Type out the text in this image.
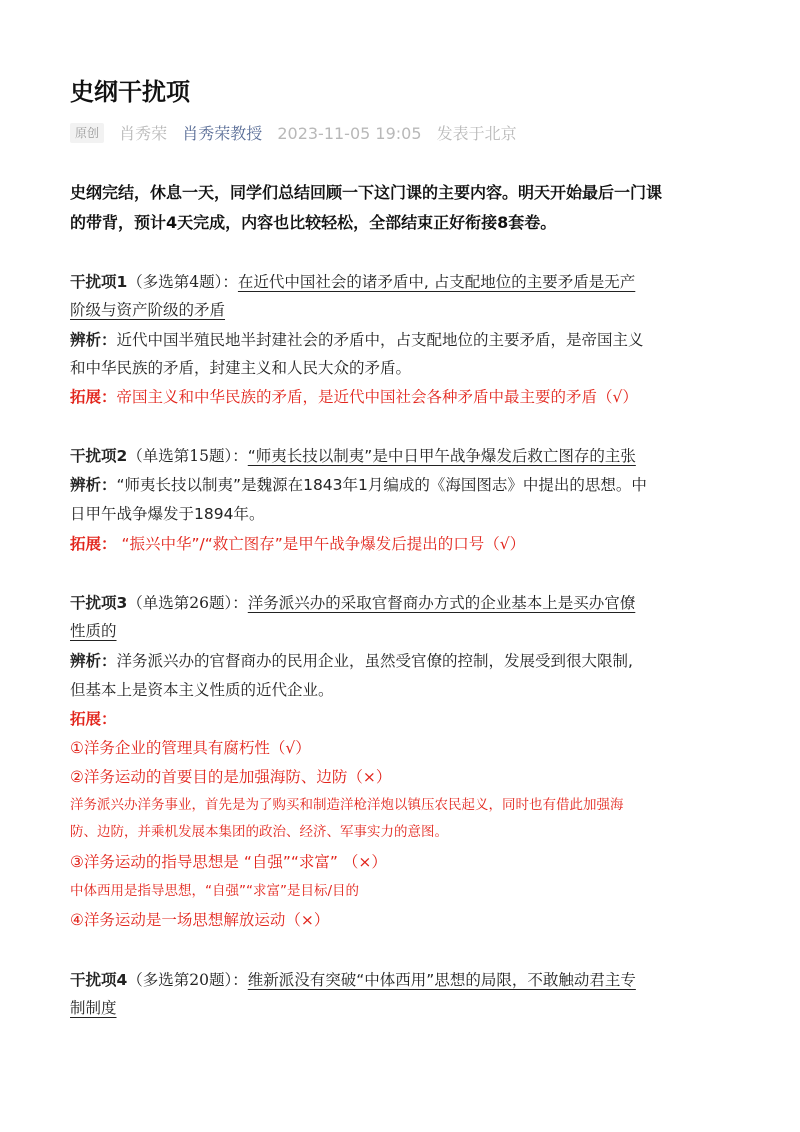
史纲干扰项
原创 肖秀荣 肖秀荣教授 2023-11-05 19:05 发表于北京
史纲完结，休息一天，同学们总结回顾一下这门课的主要内容。明天开始最后一门课
的带背，预计4天完成，内容也比较轻松，全部结束正好衔接8套卷。
干扰项1（多选第4题）：在近代中国社会的诸矛盾中, 占支配地位的主要矛盾是无产
阶级与资产阶级的矛盾
辨析：近代中国半殖民地半封建社会的矛盾中，占支配地位的主要矛盾，是帝国主义
和中华民族的矛盾，封建主义和人民大众的矛盾。
拓展：帝国主义和中华民族的矛盾，是近代中国社会各种矛盾中最主要的矛盾（√）
干扰项2（单选第15题）：“师夷长技以制夷”是中日甲午战争爆发后救亡图存的主张
辨析：“师夷长技以制夷”是魏源在1843年1月编成的《海国图志》中提出的思想。中
日甲午战争爆发于1894年。
拓展： “振兴中华”/“救亡图存”是甲午战争爆发后提出的口号（√）
干扰项3（单选第26题）：洋务派兴办的采取官督商办方式的企业基本上是买办官僚
性质的
辨析：洋务派兴办的官督商办的民用企业，虽然受官僚的控制，发展受到很大限制,
但基本上是资本主义性质的近代企业。
拓展：
①洋务企业的管理具有腐朽性（√）
②洋务运动的首要目的是加强海防、边防（×）
洋务派兴办洋务事业，首先是为了购买和制造洋枪洋炮以镇压农民起义，同时也有借此加强海
防、边防，并乘机发展本集团的政治、经济、军事实力的意图。
③洋务运动的指导思想是 “自强”“求富” （×）
中体西用是指导思想，“自强”“求富”是目标/目的
④洋务运动是一场思想解放运动（×）
干扰项4（多选第20题）：维新派没有突破“中体西用”思想的局限，不敢触动君主专
制制度
